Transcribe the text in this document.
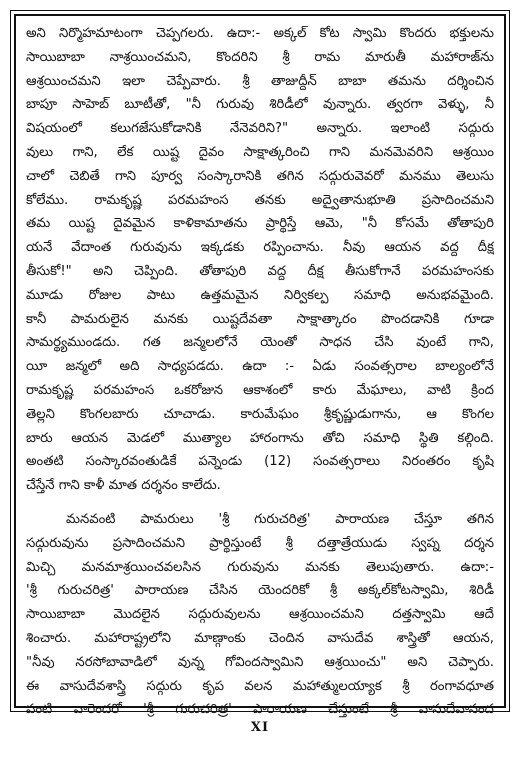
అని నిర్మొహమాటంగా చెప్పగలరు. ఉదా:- అక్కల్ కోట స్వామి కొందరు భక్తులను
సాయిబాబా నాశ్రయించమని, కొందరిని శ్రీ రామ మారుతీ మహారాజ్‌ను
ఆశ్రయించమని ఇలా చెప్పేవారు. శ్రీ తాజుద్దీన్ బాబా తమను దర్శించిన
బాపూ సాహెబ్ బూటీతో, "నీ గురువు శిరిడీలో వున్నారు. త్వరగా వెళ్ళు, నీ
విషయంలో కలుగజేసుకోడానికి నేనెవరిని?" అన్నారు. ఇలాంటి సద్గురు
వులు గాని, లేక యిష్ట దైవం సాక్షాత్కరించి గాని మనమెవరిని ఆశ్రయిం
చాలో చెబితే గాని పూర్వ సంస్కారానికి తగిన సద్గురువెవరో మనము తెలుసు
కోలేము. రామకృష్ణ పరమహంస తనకు అద్వైతానుభూతి ప్రసాదించమని
తమ యిష్ట దైవమైన కాళికామాతను ప్రార్థిస్తే ఆమె, "నీ కోసమే తోతాపురి
యనే వేదాంత గురువును ఇక్కడకు రప్పించాను. నీవు ఆయన వద్ద దీక్ష
తీసుకో!" అని చెప్పింది. తోతాపురి వద్ద దీక్ష తీసుకోగానే పరమహంసకు
మూడు రోజుల పాటు ఉత్తమమైన నిర్వికల్ప సమాధి అనుభవమైంది.
కానీ పామరులైన మనకు యిష్టదేవతా సాక్షాత్కారం పొందడానికి గూడా
సామర్థ్యముండదు. గత జన్మలలోనే యెంతో సాధన చేసి వుంటే గాని,
యీ జన్మలో అది సాధ్యపడదు. ఉదా :- ఏడు సంవత్సరాల బాల్యంలోనే
రామకృష్ణ పరమహంస ఒకరోజున ఆకాశంలో కారు మేఘాలు, వాటి క్రింద
తెల్లని కొంగలబారు చూచాడు. కారుమేఘం శ్రీకృష్ణుడుగాను, ఆ కొంగల
బారు ఆయన మెడలో ముత్యాల హారంగాను తోచి సమాధి స్థితి కల్గింది.
అంతటి సంస్కారవంతుడికే పన్నెండు (12) సంవత్సరాలు నిరంతరం కృషి
చేస్తేనే గాని కాళీ మాత దర్శనం కాలేదు.

మనవంటి పామరులు 'శ్రీ గురుచరిత్ర' పారాయణ చేస్తూ తగిన
సద్గురువును ప్రసాదించమని ప్రార్థిస్తుంటే శ్రీ దత్తాత్రేయుడు స్వప్న దర్శన
మిచ్చి మనమాశ్రయించవలసిన గురువును మనకు తెలుపుతారు. ఉదా:-
'శ్రీ గురుచరిత్ర' పారాయణ చేసిన యెందరికో శ్రీ అక్కల్‌కోటస్వామి, శిరిడీ
సాయిబాబా మొదలైన సద్గురువులను ఆశ్రయించమని దత్తస్వామి ఆదే
శించారు. మహారాష్ట్రలోని మాణ్గాంకు చెందిన వాసుదేవ శాస్త్రితో ఆయన,
"నీవు నరసోబావాడిలో వున్న గోవిందస్వామిని ఆశ్రయించు" అని చెప్పారు.
ఈ వాసుదేవశాస్త్రి సద్గురు కృప వలన మహాత్ములయ్యాక శ్రీ రంగావధూత
వంటి వారెందరో 'శ్రీ గురుచరిత్ర' పారాయణ చేస్తుంటే శ్రీ వాసుదేవానంద

XI
